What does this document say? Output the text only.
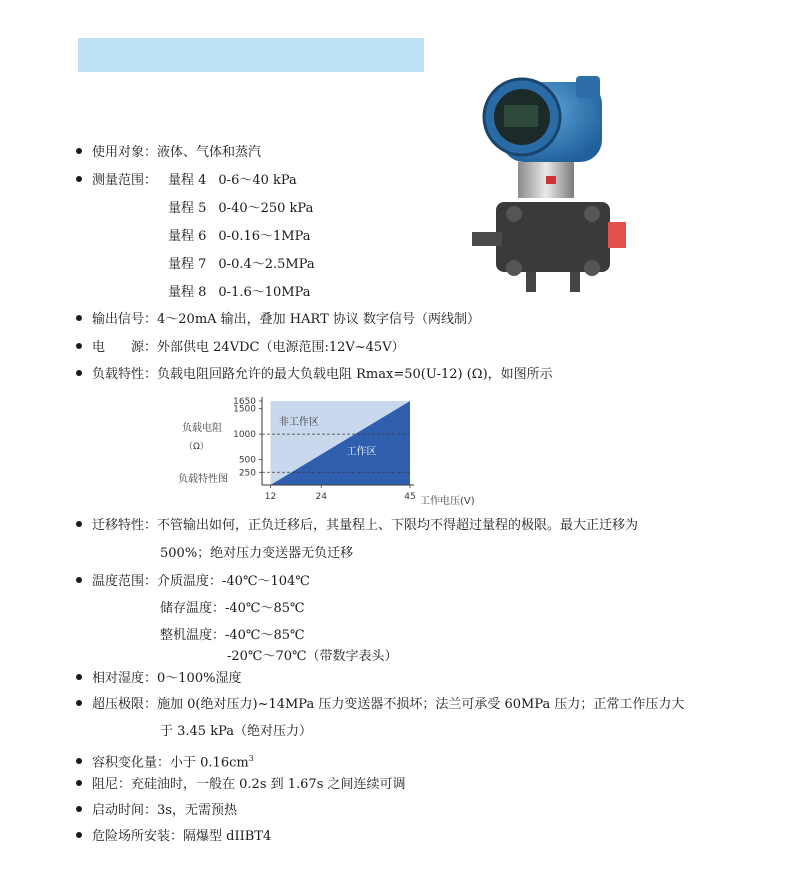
使用对象：液体、气体和蒸汽
测量范围： 量程 4 0-6～40 kPa
量程 5 0-40～250 kPa
量程 6 0-0.16～1MPa
量程 7 0-0.4～2.5MPa
量程 8 0-1.6～10MPa
输出信号：4～20mA 输出，叠加 HART 协议 数字信号（两线制）
电　　源：外部供电 24VDC（电源范围:12V~45V）
负载特性：负载电阻回路允许的最大负载电阻 Rmax=50(U-12) (Ω)，如图所示
负载电阻
（Ω）
负载特性图
1650
1500
1000
500
250
12	24	45
非工作区
工作区
工作电压(V)
迁移特性：不管输出如何，正负迁移后，其量程上、下限均不得超过量程的极限。最大正迁移为
500%；绝对压力变送器无负迁移
温度范围：介质温度：-40℃～104℃
储存温度：-40℃～85℃
整机温度：-40℃～85℃
-20℃～70℃（带数字表头）
相对湿度：0～100%湿度
超压极限：施加 0(绝对压力)~14MPa 压力变送器不损坏；法兰可承受 60MPa 压力；正常工作压力大
于 3.45 kPa（绝对压力）
容积变化量：小于 $0.16cm^3$
阻尼：充硅油时，一般在 0.2s 到 1.67s 之间连续可调
启动时间：3s，无需预热
危险场所安装：隔爆型 dIIBT4
